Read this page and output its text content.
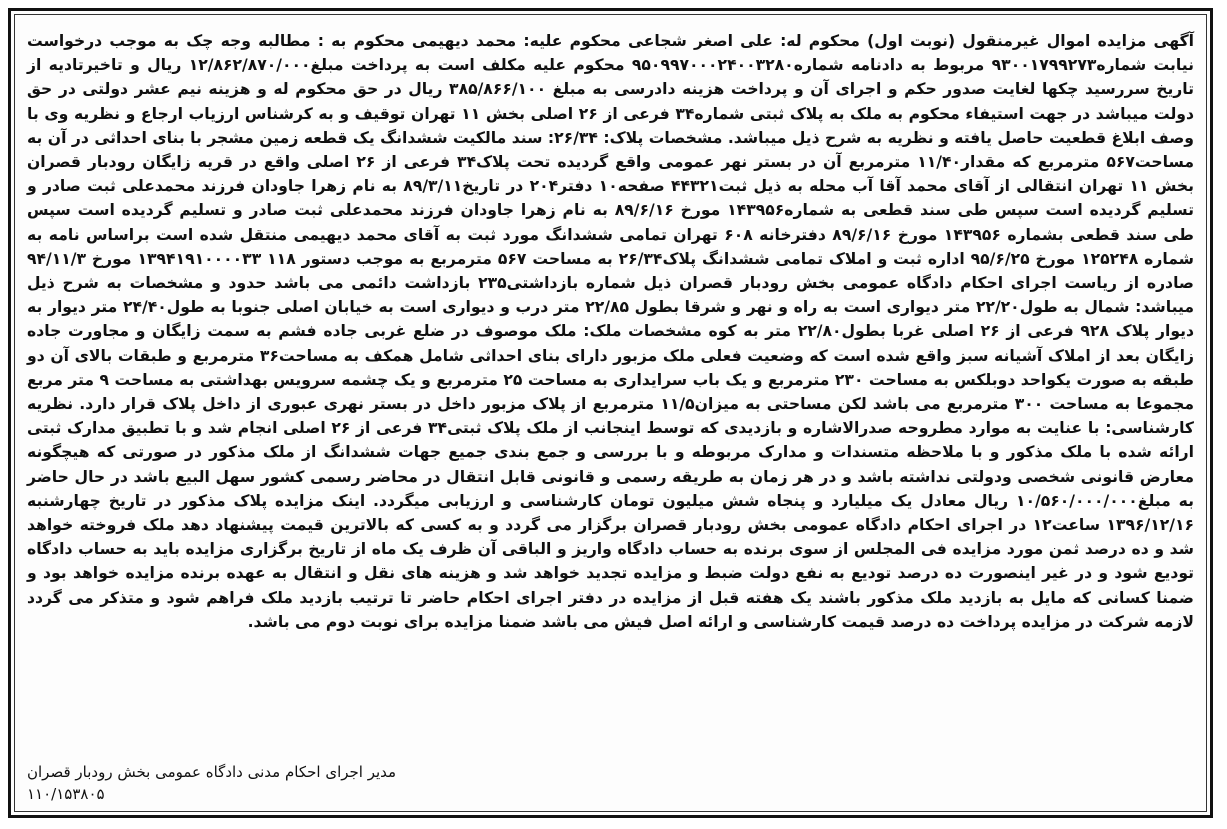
آگهی مزایده اموال غیرمنقول (نوبت اول) محکوم له: علی اصغر شجاعی محکوم علیه: محمد دیهیمی محکوم به : مطالبه وجه چک به موجب درخواست نیابت شماره۹۳۰۰۱۷۹۹۲۷۳ مربوط به دادنامه شماره۹۵۰۹۹۷۰۰۰۲۴۰۰۳۲۸۰ محکوم علیه مکلف است به پرداخت مبلغ۱۲/۸۶۲/۸۷۰/۰۰۰ ریال و تاخیرتادیه از تاریخ سررسید چکها لغایت صدور حکم و اجرای آن و پرداخت هزینه دادرسی به مبلغ ۳۸۵/۸۶۶/۱۰۰ ریال در حق محکوم له و هزینه نیم عشر دولتی در حق دولت میباشد در جهت استیفاء محکوم به ملک به پلاک ثبتی شماره۳۴ فرعی از ۲۶ اصلی بخش ۱۱ تهران توقیف و به کرشناس ارزیاب ارجاع و نظریه وی با وصف ابلاغ قطعیت حاصل یافته و نظریه به شرح ذیل میباشد. مشخصات پلاک: ۲۶/۳۴: سند مالکیت ششدانگ یک قطعه زمین مشجر با بنای احداثی در آن به مساحت۵۶۷ مترمربع که مقدار۱۱/۴۰ مترمربع آن در بستر نهر عمومی واقع گردیده تحت پلاک۳۴ فرعی از ۲۶ اصلی واقع در قریه زایگان رودبار قصران بخش ۱۱ تهران انتقالی از آقای محمد آقا آب محله به ذیل ثبت۴۴۳۲۱ صفحه۱۰ دفتر۲۰۴ در تاریخ۸۹/۳/۱۱ به نام زهرا جاودان فرزند محمدعلی ثبت صادر و تسلیم گردیده است سپس طی سند قطعی به شماره۱۴۳۹۵۶ مورخ ۸۹/۶/۱۶ به نام زهرا جاودان فرزند محمدعلی ثبت صادر و تسلیم گردیده است سپس طی سند قطعی بشماره ۱۴۳۹۵۶ مورخ ۸۹/۶/۱۶ دفترخانه ۶۰۸ تهران تمامی ششدانگ مورد ثبت به آقای محمد دیهیمی منتقل شده است براساس نامه به شماره ۱۲۵۲۴۸ مورخ ۹۵/۶/۲۵ اداره ثبت و املاک تمامی ششدانگ پلاک۲۶/۳۴ به مساحت ۵۶۷ مترمربع به موجب دستور ۱۱۸ ۱۳۹۴۱۹۱۰۰۰۰۳۳ مورخ ۹۴/۱۱/۳ صادره از ریاست اجرای احکام دادگاه عمومی بخش رودبار قصران ذیل شماره بازداشتی۲۳۵ بازداشت دائمی می باشد حدود و مشخصات به شرح ذیل میباشد: شمال به طول۲۲/۲۰ متر دیواری است به راه و نهر و شرقا بطول ۲۲/۸۵ متر درب و دیواری است به خیابان اصلی جنوبا به طول۲۴/۴۰ متر دیوار به دیوار پلاک ۹۲۸ فرعی از ۲۶ اصلی غربا بطول۲۲/۸۰ متر به کوه مشخصات ملک: ملک موصوف در ضلع غربی جاده فشم به سمت زایگان و مجاورت جاده زایگان بعد از املاک آشیانه سبز واقع شده است که وضعیت فعلی ملک مزبور دارای بنای احداثی شامل همکف به مساحت۳۶ مترمربع و طبقات بالای آن دو طبقه به صورت یکواحد دوبلکس به مساحت ۲۳۰ مترمربع و یک باب سرایداری به مساحت ۲۵ مترمربع و یک چشمه سرویس بهداشتی به مساحت ۹ متر مربع مجموعا به مساحت ۳۰۰ مترمربع می باشد لکن مساحتی به میزان۱۱/۵ مترمربع از پلاک مزبور داخل در بستر نهری عبوری از داخل پلاک قرار دارد. نظریه کارشناسی: با عنایت به موارد مطروحه صدرالاشاره و بازدیدی که توسط اینجانب از ملک پلاک ثبتی۳۴ فرعی از ۲۶ اصلی انجام شد و با تطبیق مدارک ثبتی ارائه شده با ملک مذکور و با ملاحظه متسندات و مدارک مربوطه و با بررسی و جمع بندی جمیع جهات ششدانگ از ملک مذکور در صورتی که هیچگونه معارض قانونی شخصی ودولتی نداشته باشد و در هر زمان به طریقه رسمی و قانونی قابل انتقال در محاضر رسمی کشور سهل البیع باشد در حال حاضر به مبلغ۱۰/۵۶۰/۰۰۰/۰۰۰ ریال معادل یک میلیارد و پنجاه شش میلیون تومان کارشناسی و ارزیابی میگردد. اینک مزایده پلاک مذکور در تاریخ چهارشنبه ۱۳۹۶/۱۲/۱۶ ساعت۱۲ در اجرای احکام دادگاه عمومی بخش رودبار قصران برگزار می گردد و به کسی که بالاترین قیمت پیشنهاد دهد ملک فروخته خواهد شد و ده درصد ثمن مورد مزایده فی المجلس از سوی برنده به حساب دادگاه واریز و الباقی آن ظرف یک ماه از تاریخ برگزاری مزایده باید به حساب دادگاه تودیع شود و در غیر اینصورت ده درصد تودیع به نفع دولت ضبط و مزایده تجدید خواهد شد و هزینه های نقل و انتقال به عهده برنده مزایده خواهد بود و ضمنا کسانی که مایل به بازدید ملک مذکور باشند یک هفته قبل از مزایده در دفتر اجرای احکام حاضر تا ترتیب بازدید ملک فراهم شود و متذکر می گردد لازمه شرکت در مزایده پرداخت ده درصد قیمت کارشناسی و ارائه اصل فیش می باشد ضمنا مزایده برای نوبت دوم می باشد.

مدیر اجرای احکام مدنی دادگاه عمومی بخش رودبار قصران
۱۱۰/۱۵۳۸۰۵
